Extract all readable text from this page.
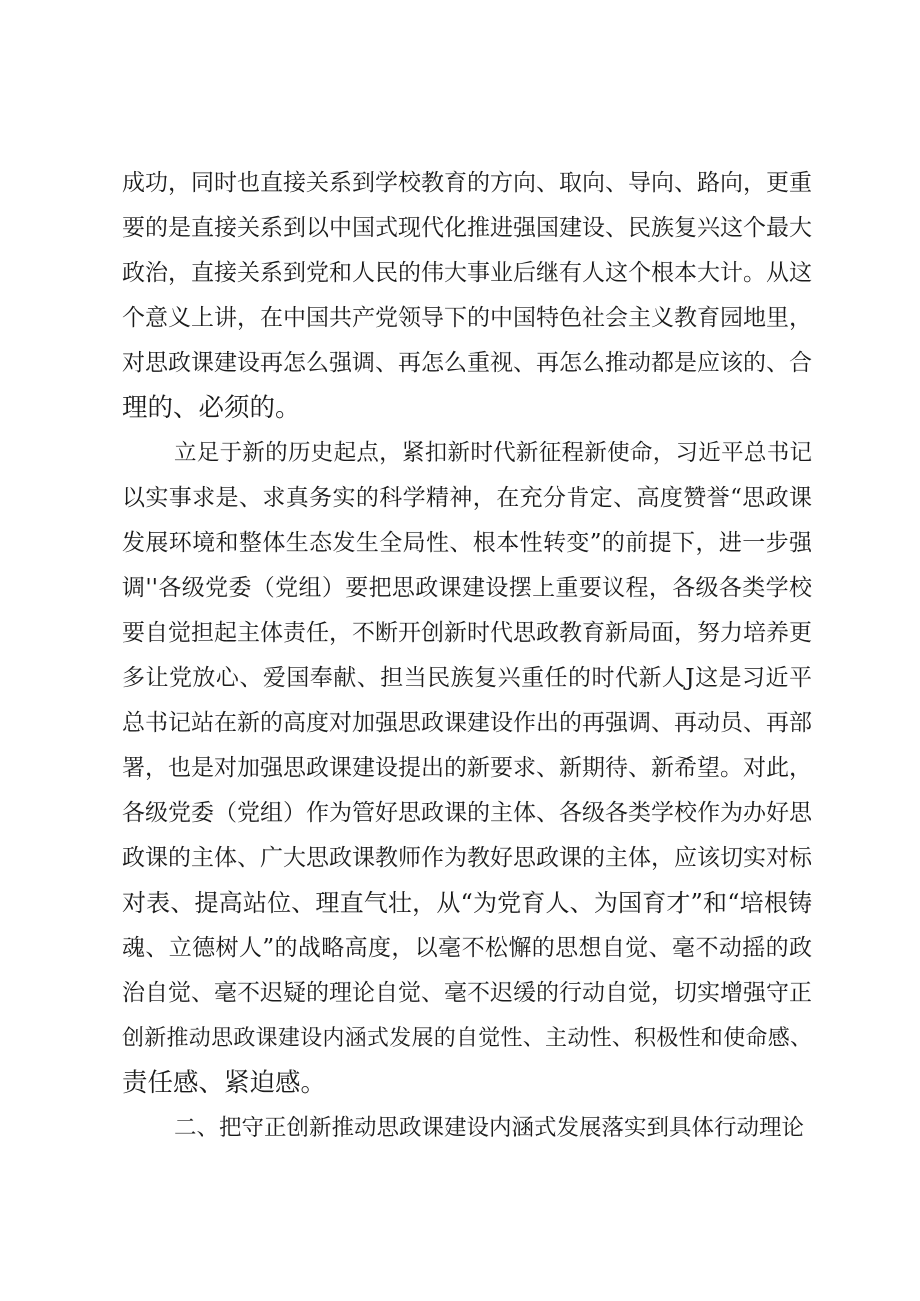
成功，同时也直接关系到学校教育的方向、取向、导向、路向，更重
要的是直接关系到以中国式现代化推进强国建设、民族复兴这个最大
政治，直接关系到党和人民的伟大事业后继有人这个根本大计。从这
个意义上讲，在中国共产党领导下的中国特色社会主义教育园地里，
对思政课建设再怎么强调、再怎么重视、再怎么推动都是应该的、合
理的、必须的。
立足于新的历史起点，紧扣新时代新征程新使命，习近平总书记
以实事求是、求真务实的科学精神，在充分肯定、高度赞誉“思政课
发展环境和整体生态发生全局性、根本性转变”的前提下，进一步强
调''各级党委（党组）要把思政课建设摆上重要议程，各级各类学校
要自觉担起主体责任，不断开创新时代思政教育新局面，努力培养更
多让党放心、爱国奉献、担当民族复兴重任的时代新人J这是习近平
总书记站在新的高度对加强思政课建设作出的再强调、再动员、再部
署，也是对加强思政课建设提出的新要求、新期待、新希望。对此，
各级党委（党组）作为管好思政课的主体、各级各类学校作为办好思
政课的主体、广大思政课教师作为教好思政课的主体，应该切实对标
对表、提高站位、理直气壮，从“为党育人、为国育才”和“培根铸
魂、立德树人”的战略高度，以毫不松懈的思想自觉、毫不动摇的政
治自觉、毫不迟疑的理论自觉、毫不迟缓的行动自觉，切实增强守正
创新推动思政课建设内涵式发展的自觉性、主动性、积极性和使命感、
责任感、紧迫感。
二、把守正创新推动思政课建设内涵式发展落实到具体行动理论
